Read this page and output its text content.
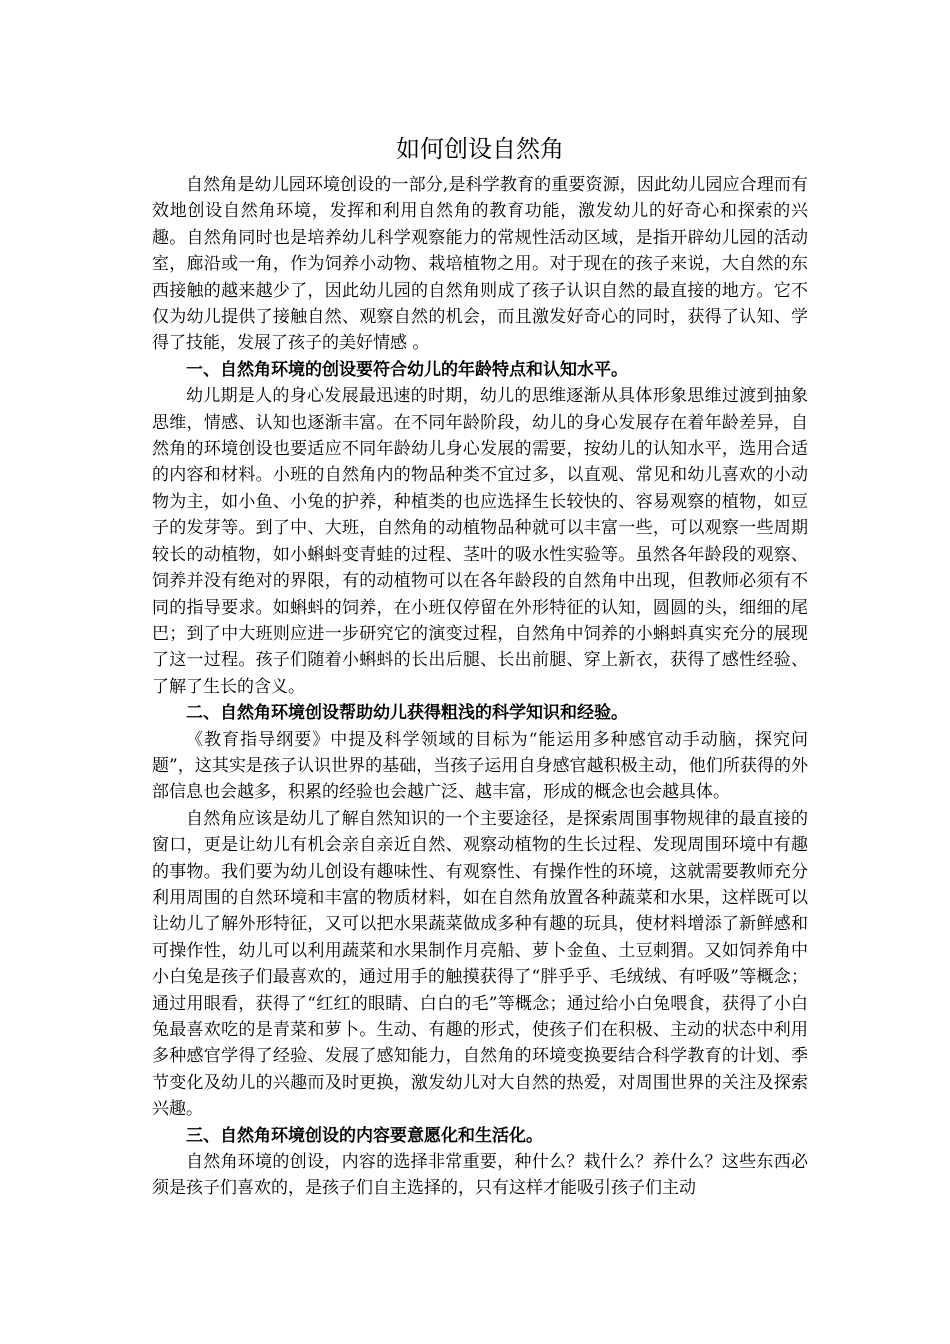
如何创设自然角

自然角是幼儿园环境创设的一部分,是科学教育的重要资源，因此幼儿园应合理而有效地创设自然角环境，发挥和利用自然角的教育功能，激发幼儿的好奇心和探索的兴趣。自然角同时也是培养幼儿科学观察能力的常规性活动区域，是指开辟幼儿园的活动室，廊沿或一角，作为饲养小动物、栽培植物之用。对于现在的孩子来说，大自然的东西接触的越来越少了，因此幼儿园的自然角则成了孩子认识自然的最直接的地方。它不仅为幼儿提供了接触自然、观察自然的机会，而且激发好奇心的同时，获得了认知、学得了技能，发展了孩子的美好情感 。

一、自然角环境的创设要符合幼儿的年龄特点和认知水平。

幼儿期是人的身心发展最迅速的时期，幼儿的思维逐渐从具体形象思维过渡到抽象思维，情感、认知也逐渐丰富。在不同年龄阶段，幼儿的身心发展存在着年龄差异，自然角的环境创设也要适应不同年龄幼儿身心发展的需要，按幼儿的认知水平，选用合适的内容和材料。小班的自然角内的物品种类不宜过多，以直观、常见和幼儿喜欢的小动物为主，如小鱼、小兔的护养，种植类的也应选择生长较快的、容易观察的植物，如豆子的发芽等。到了中、大班，自然角的动植物品种就可以丰富一些，可以观察一些周期较长的动植物，如小蝌蚪变青蛙的过程、茎叶的吸水性实验等。虽然各年龄段的观察、饲养并没有绝对的界限，有的动植物可以在各年龄段的自然角中出现，但教师必须有不同的指导要求。如蝌蚪的饲养，在小班仅停留在外形特征的认知，圆圆的头，细细的尾巴；到了中大班则应进一步研究它的演变过程，自然角中饲养的小蝌蚪真实充分的展现了这一过程。孩子们随着小蝌蚪的长出后腿、长出前腿、穿上新衣，获得了感性经验、了解了生长的含义。

二、自然角环境创设帮助幼儿获得粗浅的科学知识和经验。

《教育指导纲要》中提及科学领域的目标为“能运用多种感官动手动脑，探究问题”，这其实是孩子认识世界的基础，当孩子运用自身感官越积极主动，他们所获得的外部信息也会越多，积累的经验也会越广泛、越丰富，形成的概念也会越具体。

自然角应该是幼儿了解自然知识的一个主要途径，是探索周围事物规律的最直接的窗口，更是让幼儿有机会亲自亲近自然、观察动植物的生长过程、发现周围环境中有趣的事物。我们要为幼儿创设有趣味性、有观察性、有操作性的环境，这就需要教师充分利用周围的自然环境和丰富的物质材料，如在自然角放置各种蔬菜和水果，这样既可以让幼儿了解外形特征，又可以把水果蔬菜做成多种有趣的玩具，使材料增添了新鲜感和可操作性，幼儿可以利用蔬菜和水果制作月亮船、萝卜金鱼、土豆刺猬。又如饲养角中小白兔是孩子们最喜欢的，通过用手的触摸获得了“胖乎乎、毛绒绒、有呼吸”等概念；通过用眼看，获得了“红红的眼睛、白白的毛”等概念；通过给小白兔喂食，获得了小白兔最喜欢吃的是青菜和萝卜。生动、有趣的形式，使孩子们在积极、主动的状态中利用多种感官学得了经验、发展了感知能力，自然角的环境变换要结合科学教育的计划、季节变化及幼儿的兴趣而及时更换，激发幼儿对大自然的热爱，对周围世界的关注及探索兴趣。

三、自然角环境创设的内容要意愿化和生活化。

自然角环境的创设，内容的选择非常重要，种什么？栽什么？养什么？这些东西必须是孩子们喜欢的，是孩子们自主选择的，只有这样才能吸引孩子们主动
